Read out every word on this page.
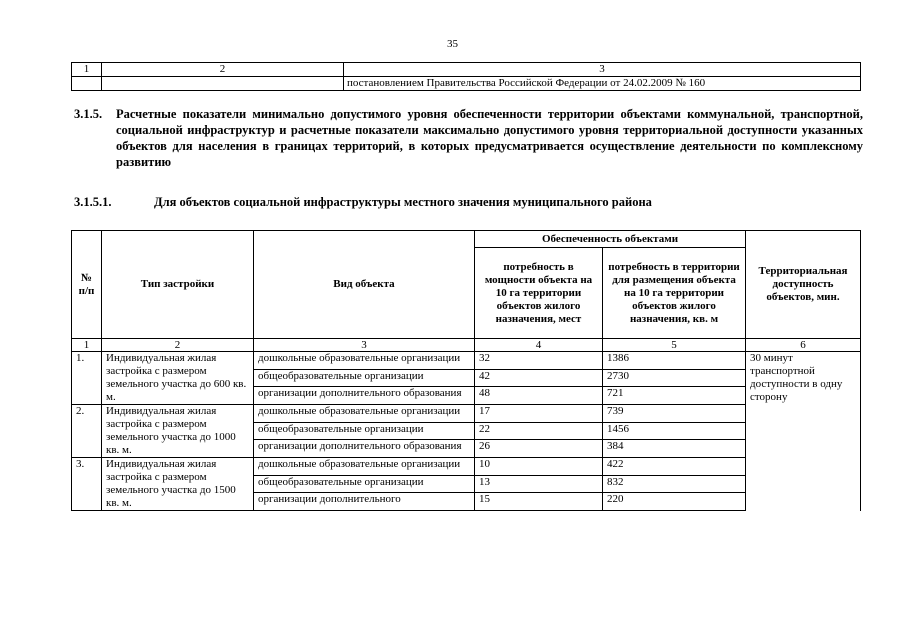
35
1	2	3
		постановлением Правительства Российской Федерации от 24.02.2009 № 160
3.1.5. Расчетные показатели минимально допустимого уровня обеспеченности территории объектами коммунальной, транспортной, социальной инфраструктур и расчетные показатели максимально допустимого уровня территориальной доступности указанных объектов для населения в границах территорий, в которых предусматривается осуществление деятельности по комплексному развитию
3.1.5.1.	Для объектов социальной инфраструктуры местного значения муниципального района
№ п/п	Тип застройки	Вид объекта	Обеспеченность объектами		Территориальная доступность объектов, мин.
			потребность в мощности объекта на 10 га территории объектов жилого назначения, мест	потребность в территории для размещения объекта на 10 га территории объектов жилого назначения, кв. м	
1	2	3	4	5	6
1.	Индивидуальная жилая застройка с размером земельного участка до 600 кв. м.	дошкольные образовательные организации	32	1386	30 минут транспортной доступности в одну сторону
		общеобразовательные организации	42	2730	
		организации дополнительного образования	48	721	
2.	Индивидуальная жилая застройка с размером земельного участка до 1000 кв. м.	дошкольные образовательные организации	17	739	
		общеобразовательные организации	22	1456	
		организации дополнительного образования	26	384	
3.	Индивидуальная жилая застройка с размером земельного участка до 1500 кв. м.	дошкольные образовательные организации	10	422	
		общеобразовательные организации	13	832	
		организации дополнительного	15	220	
